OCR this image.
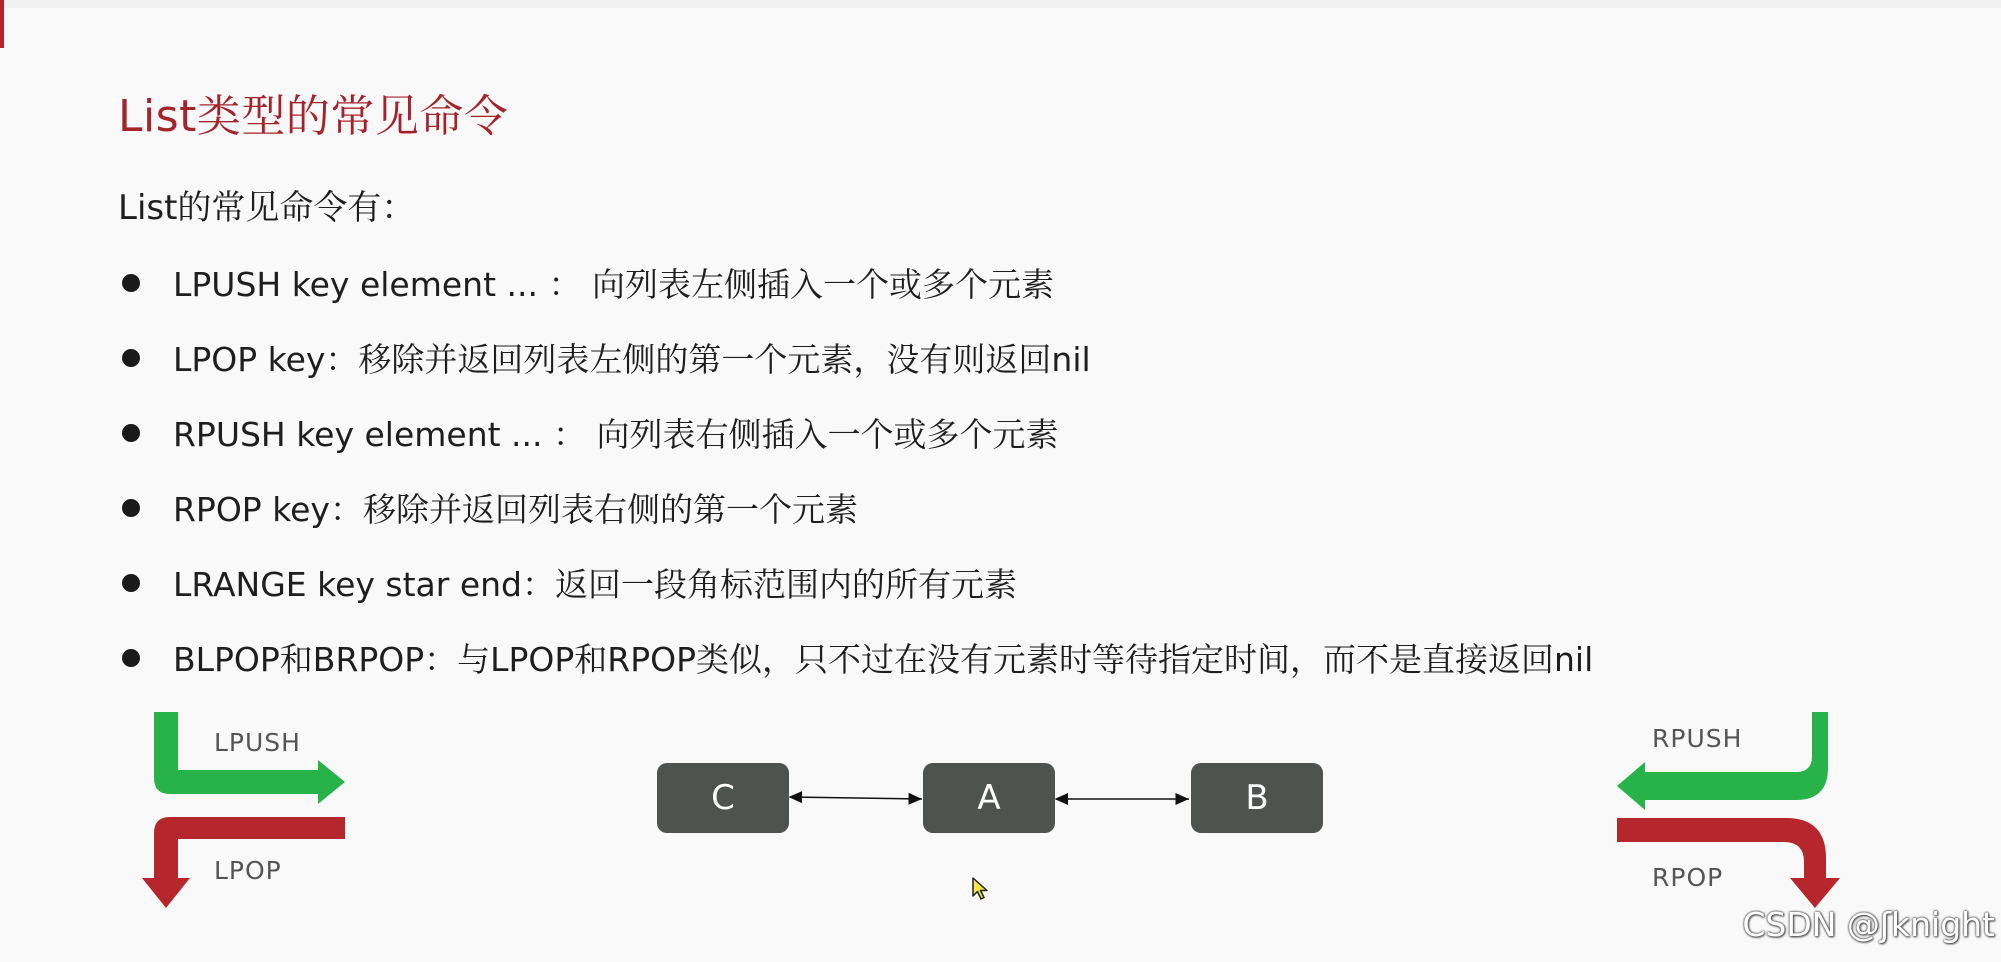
List类型的常见命令
List的常见命令有：
LPUSH key element ... ： 向列表左侧插入一个或多个元素
LPOP key：移除并返回列表左侧的第一个元素，没有则返回nil
RPUSH key element ... ： 向列表右侧插入一个或多个元素
RPOP key：移除并返回列表右侧的第一个元素
LRANGE key star end：返回一段角标范围内的所有元素
BLPOP和BRPOP：与LPOP和RPOP类似，只不过在没有元素时等待指定时间，而不是直接返回nil
LPUSH
LPOP
RPUSH
RPOP
C	A	B
CSDN @ʃknight
